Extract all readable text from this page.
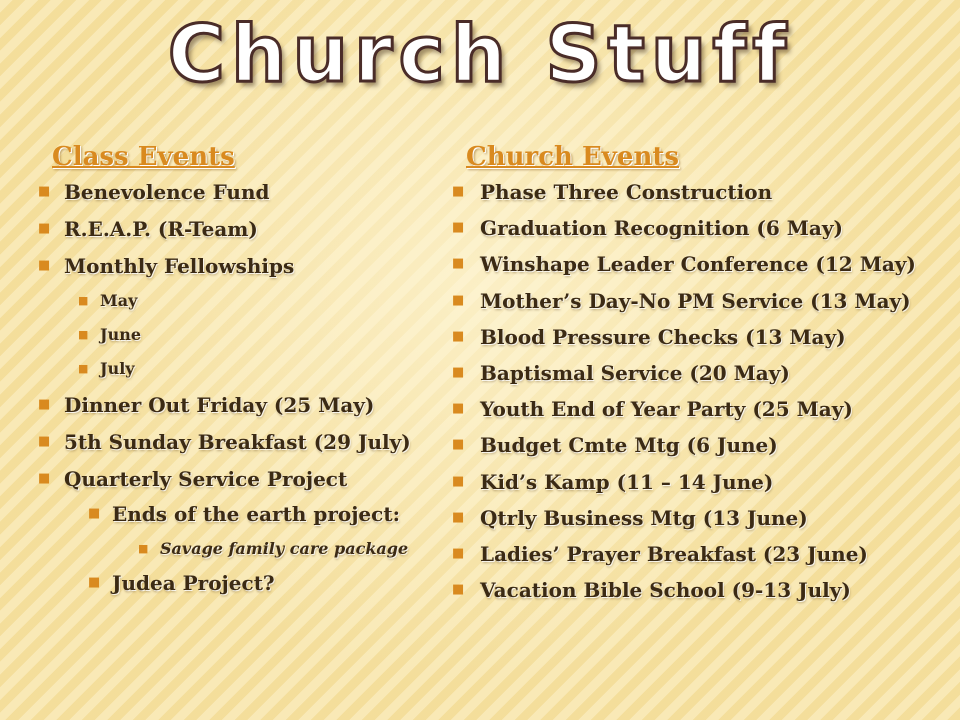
Church Stuff
Class Events
■ Benevolence Fund
■ R.E.A.P. (R-Team)
■ Monthly Fellowships
■ May
■ June
■ July
■ Dinner Out Friday (25 May)
■ 5th Sunday Breakfast (29 July)
■ Quarterly Service Project
■ Ends of the earth project:
■ Savage family care package
■ Judea Project?
Church Events
■ Phase Three Construction
■ Graduation Recognition (6 May)
■ Winshape Leader Conference (12 May)
■ Mother’s Day-No PM Service (13 May)
■ Blood Pressure Checks (13 May)
■ Baptismal Service (20 May)
■ Youth End of Year Party (25 May)
■ Budget Cmte Mtg (6 June)
■ Kid’s Kamp (11 – 14 June)
■ Qtrly Business Mtg (13 June)
■ Ladies’ Prayer Breakfast (23 June)
■ Vacation Bible School (9-13 July)
